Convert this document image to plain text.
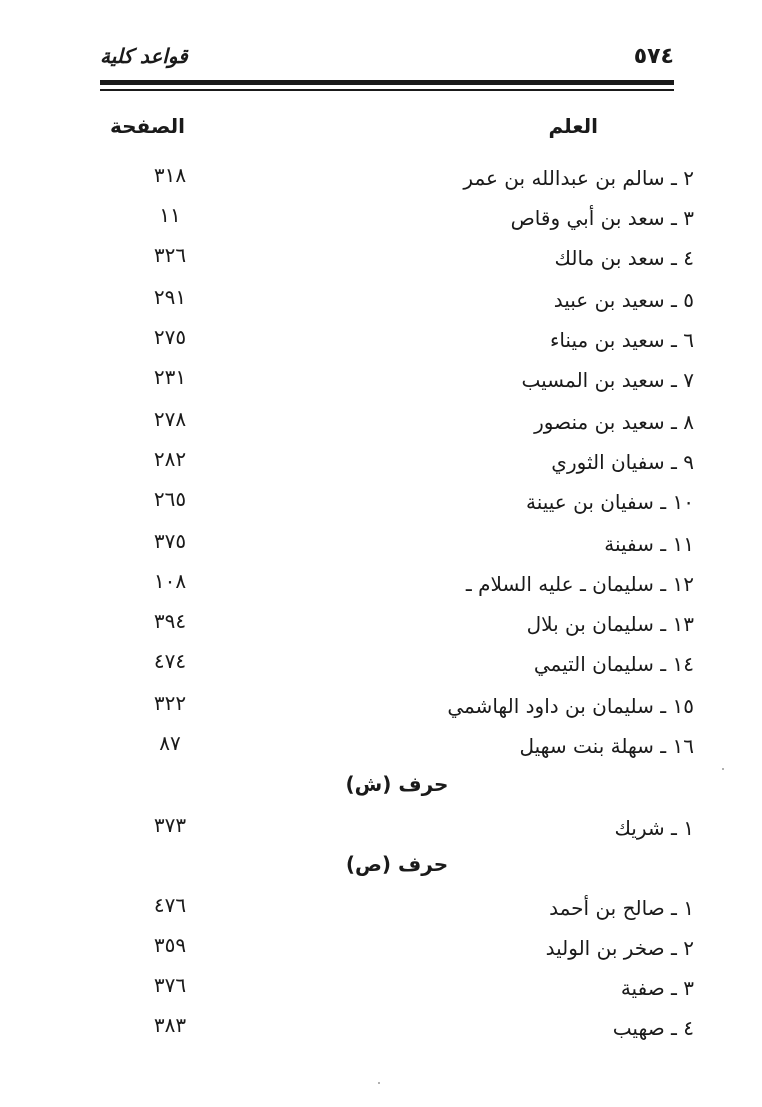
٥٧٤
قواعد كلية
العلم
الصفحة
٢ ـ سالم بن عبدالله بن عمر
٣١٨
٣ ـ سعد بن أبي وقاص
١١
٤ ـ سعد بن مالك
٣٢٦
٥ ـ سعيد بن عبيد
٢٩١
٦ ـ سعيد بن ميناء
٢٧٥
٧ ـ سعيد بن المسيب
٢٣١
٨ ـ سعيد بن منصور
٢٧٨
٩ ـ سفيان الثوري
٢٨٢
١٠ ـ سفيان بن عيينة
٢٦٥
١١ ـ سفينة
٣٧٥
١٢ ـ سليمان ـ عليه السلام ـ
١٠٨
١٣ ـ سليمان بن بلال
٣٩٤
١٤ ـ سليمان التيمي
٤٧٤
١٥ ـ سليمان بن داود الهاشمي
٣٢٢
١٦ ـ سهلة بنت سهيل
٨٧
حرف (ش)
١ ـ شريك
٣٧٣
حرف (ص)
١ ـ صالح بن أحمد
٤٧٦
٢ ـ صخر بن الوليد
٣٥٩
٣ ـ صفية
٣٧٦
٤ ـ صهيب
٣٨٣
